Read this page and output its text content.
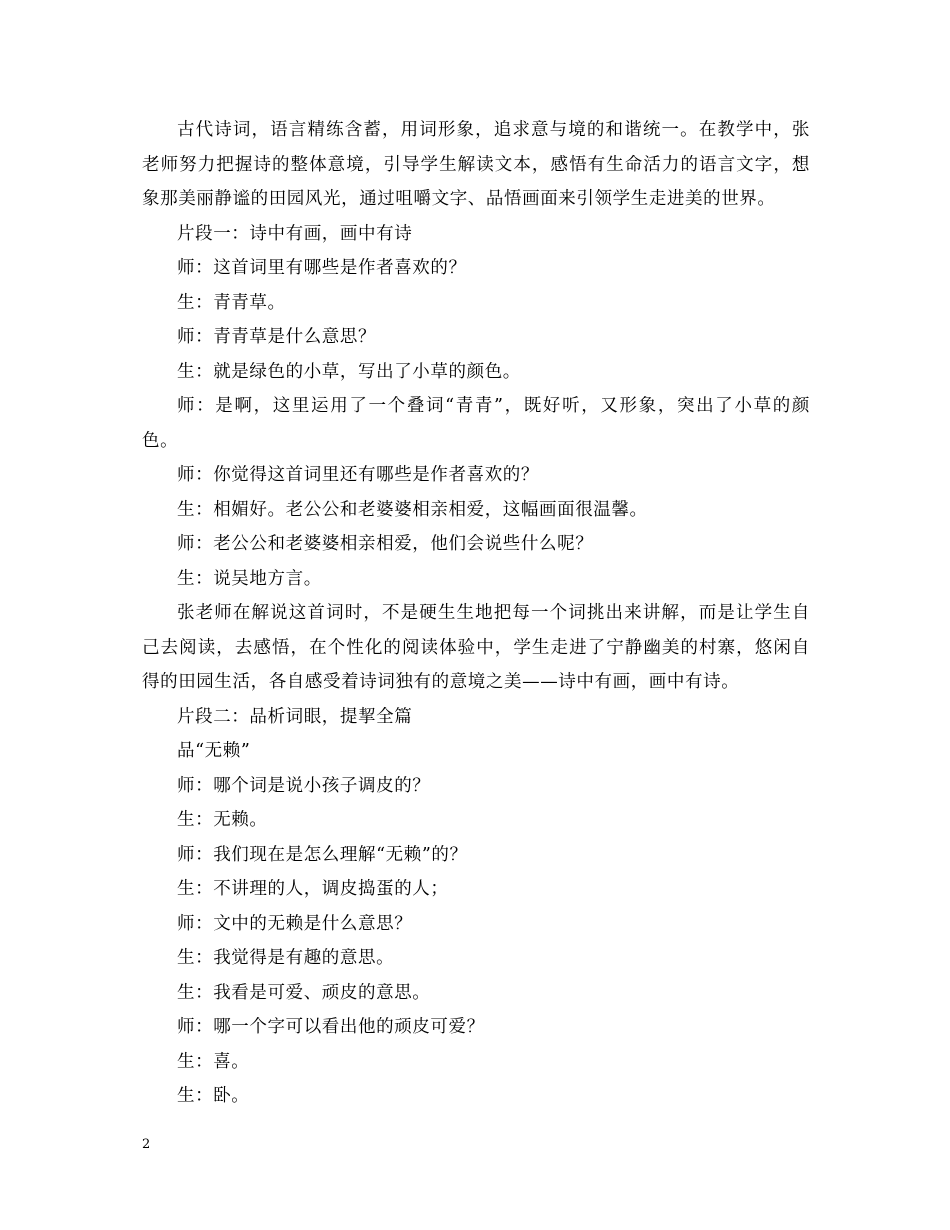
古代诗词，语言精练含蓄，用词形象，追求意与境的和谐统一。在教学中，张老师努力把握诗的整体意境，引导学生解读文本，感悟有生命活力的语言文字，想象那美丽静谧的田园风光，通过咀嚼文字、品悟画面来引领学生走进美的世界。

片段一：诗中有画，画中有诗

师：这首词里有哪些是作者喜欢的？

生：青青草。

师：青青草是什么意思？

生：就是绿色的小草，写出了小草的颜色。

师：是啊，这里运用了一个叠词“青青”，既好听，又形象，突出了小草的颜色。

师：你觉得这首词里还有哪些是作者喜欢的？

生：相媚好。老公公和老婆婆相亲相爱，这幅画面很温馨。

师：老公公和老婆婆相亲相爱，他们会说些什么呢？

生：说吴地方言。

张老师在解说这首词时，不是硬生生地把每一个词挑出来讲解，而是让学生自己去阅读，去感悟，在个性化的阅读体验中，学生走进了宁静幽美的村寨，悠闲自得的田园生活，各自感受着诗词独有的意境之美——诗中有画，画中有诗。

片段二：品析词眼，提挈全篇

品“无赖”

师：哪个词是说小孩子调皮的？

生：无赖。

师：我们现在是怎么理解“无赖”的？

生：不讲理的人，调皮捣蛋的人；

师：文中的无赖是什么意思？

生：我觉得是有趣的意思。

生：我看是可爱、顽皮的意思。

师：哪一个字可以看出他的顽皮可爱？

生：喜。

生：卧。

2
